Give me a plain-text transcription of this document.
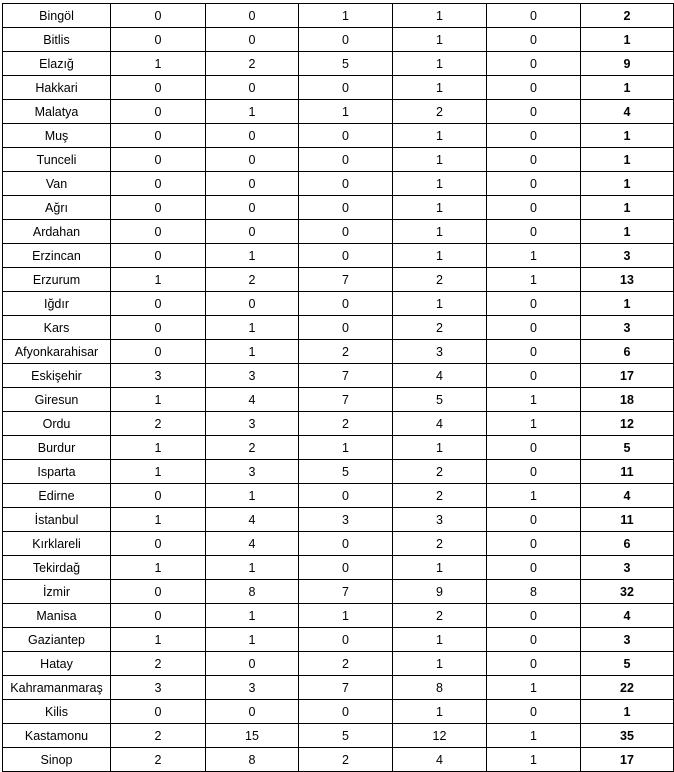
Bingöl	0	0	1	1	0	2
Bitlis	0	0	0	1	0	1
Elazığ	1	2	5	1	0	9
Hakkari	0	0	0	1	0	1
Malatya	0	1	1	2	0	4
Muş	0	0	0	1	0	1
Tunceli	0	0	0	1	0	1
Van	0	0	0	1	0	1
Ağrı	0	0	0	1	0	1
Ardahan	0	0	0	1	0	1
Erzincan	0	1	0	1	1	3
Erzurum	1	2	7	2	1	13
Iğdır	0	0	0	1	0	1
Kars	0	1	0	2	0	3
Afyonkarahisar	0	1	2	3	0	6
Eskişehir	3	3	7	4	0	17
Giresun	1	4	7	5	1	18
Ordu	2	3	2	4	1	12
Burdur	1	2	1	1	0	5
Isparta	1	3	5	2	0	11
Edirne	0	1	0	2	1	4
İstanbul	1	4	3	3	0	11
Kırklareli	0	4	0	2	0	6
Tekirdağ	1	1	0	1	0	3
İzmir	0	8	7	9	8	32
Manisa	0	1	1	2	0	4
Gaziantep	1	1	0	1	0	3
Hatay	2	0	2	1	0	5
Kahramanmaraş	3	3	7	8	1	22
Kilis	0	0	0	1	0	1
Kastamonu	2	15	5	12	1	35
Sinop	2	8	2	4	1	17
